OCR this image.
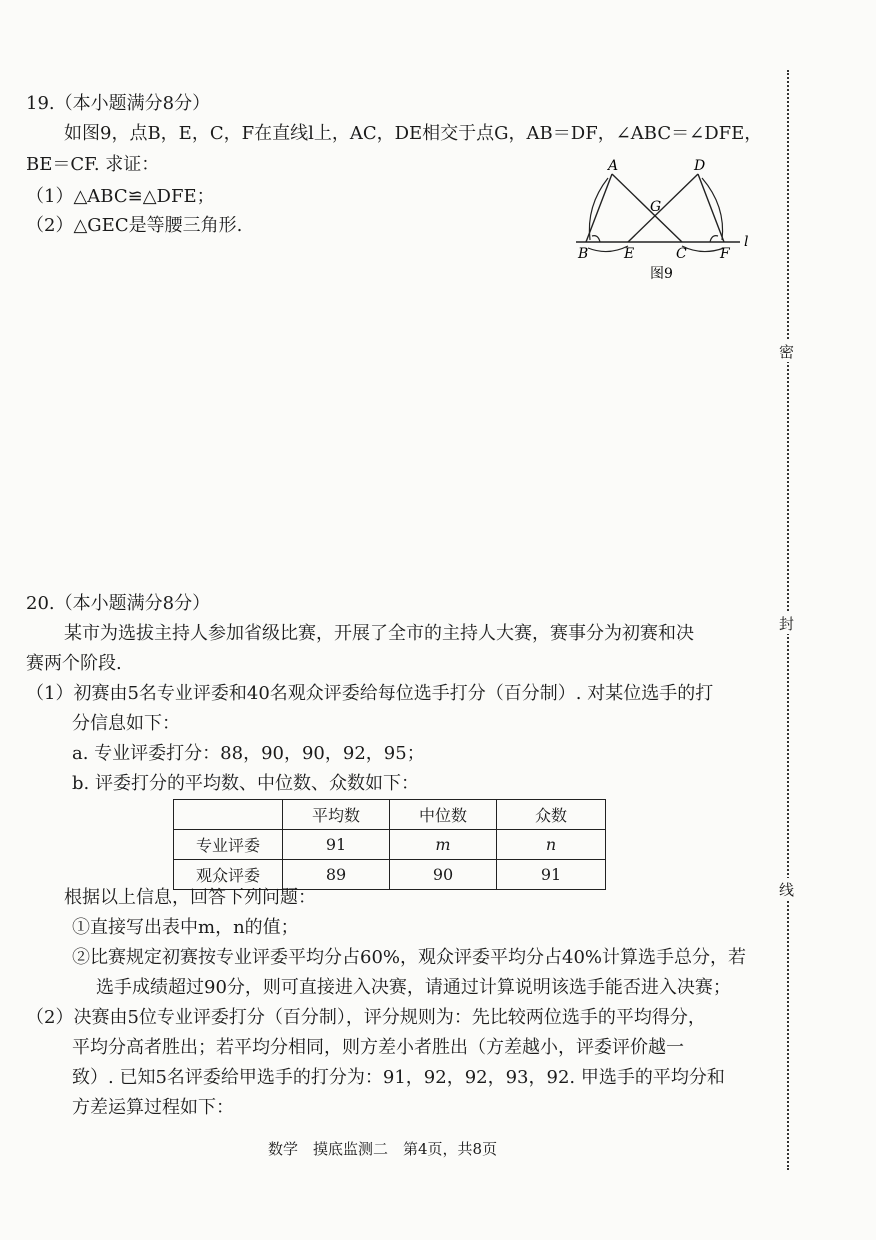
密
封
线
19.（本小题满分8分）
如图9，点B，E，C，F在直线l上，AC，DE相交于点G，AB＝DF，∠ABC＝∠DFE，
BE＝CF. 求证：
（1）△ABC≌△DFE；
（2）△GEC是等腰三角形.
A	D
G
B	E	C F
l
图9
20.（本小题满分8分）
某市为选拔主持人参加省级比赛，开展了全市的主持人大赛，赛事分为初赛和决
赛两个阶段.
（1）初赛由5名专业评委和40名观众评委给每位选手打分（百分制）. 对某位选手的打
分信息如下：
a. 专业评委打分：88，90，90，92，95；
b. 评委打分的平均数、中位数、众数如下：
	平均数	中位数	众数
专业评委	91	m	n
观众评委	89	90	91
根据以上信息，回答下列问题：
①直接写出表中m，n的值；
②比赛规定初赛按专业评委平均分占60%，观众评委平均分占40%计算选手总分，若
选手成绩超过90分，则可直接进入决赛，请通过计算说明该选手能否进入决赛；
（2）决赛由5位专业评委打分（百分制），评分规则为：先比较两位选手的平均得分，
平均分高者胜出；若平均分相同，则方差小者胜出（方差越小，评委评价越一
致）. 已知5名评委给甲选手的打分为：91，92，92，93，92. 甲选手的平均分和
方差运算过程如下：
数学　摸底监测二　第4页，共8页
